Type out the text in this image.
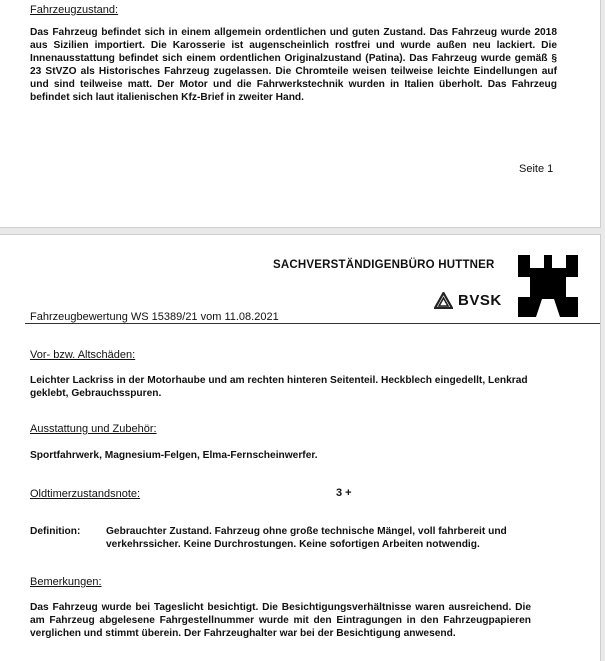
Fahrzeugzustand:
Das Fahrzeug befindet sich in einem allgemein ordentlichen und guten Zustand. Das Fahrzeug wurde 2018 aus Sizilien importiert. Die Karosserie ist augenscheinlich rostfrei und wurde außen neu lackiert. Die Innenausstattung befindet sich einem ordentlichen Originalzustand (Patina). Das Fahrzeug wurde gemäß § 23 StVZO als Historisches Fahrzeug zugelassen. Die Chromteile weisen teilweise leichte Eindellungen auf und sind teilweise matt. Der Motor und die Fahrwerkstechnik wurden in Italien überholt. Das Fahrzeug befindet sich laut italienischen Kfz-Brief in zweiter Hand.
Seite 1
SACHVERSTÄNDIGENBÜRO HUTTNER
BVSK
Fahrzeugbewertung WS 15389/21 vom 11.08.2021
Vor- bzw. Altschäden:
Leichter Lackriss in der Motorhaube und am rechten hinteren Seitenteil. Heckblech eingedellt, Lenkrad geklebt, Gebrauchsspuren.
Ausstattung und Zubehör:
Sportfahrwerk, Magnesium-Felgen, Elma-Fernscheinwerfer.
Oldtimerzustandsnote:	3 +
Definition:	Gebrauchter Zustand. Fahrzeug ohne große technische Mängel, voll fahrbereit und verkehrssicher. Keine Durchrostungen. Keine sofortigen Arbeiten notwendig.
Bemerkungen:
Das Fahrzeug wurde bei Tageslicht besichtigt. Die Besichtigungsverhältnisse waren ausreichend. Die am Fahrzeug abgelesene Fahrgestellnummer wurde mit den Eintragungen in den Fahrzeugpapieren verglichen und stimmt überein. Der Fahrzeughalter war bei der Besichtigung anwesend.
